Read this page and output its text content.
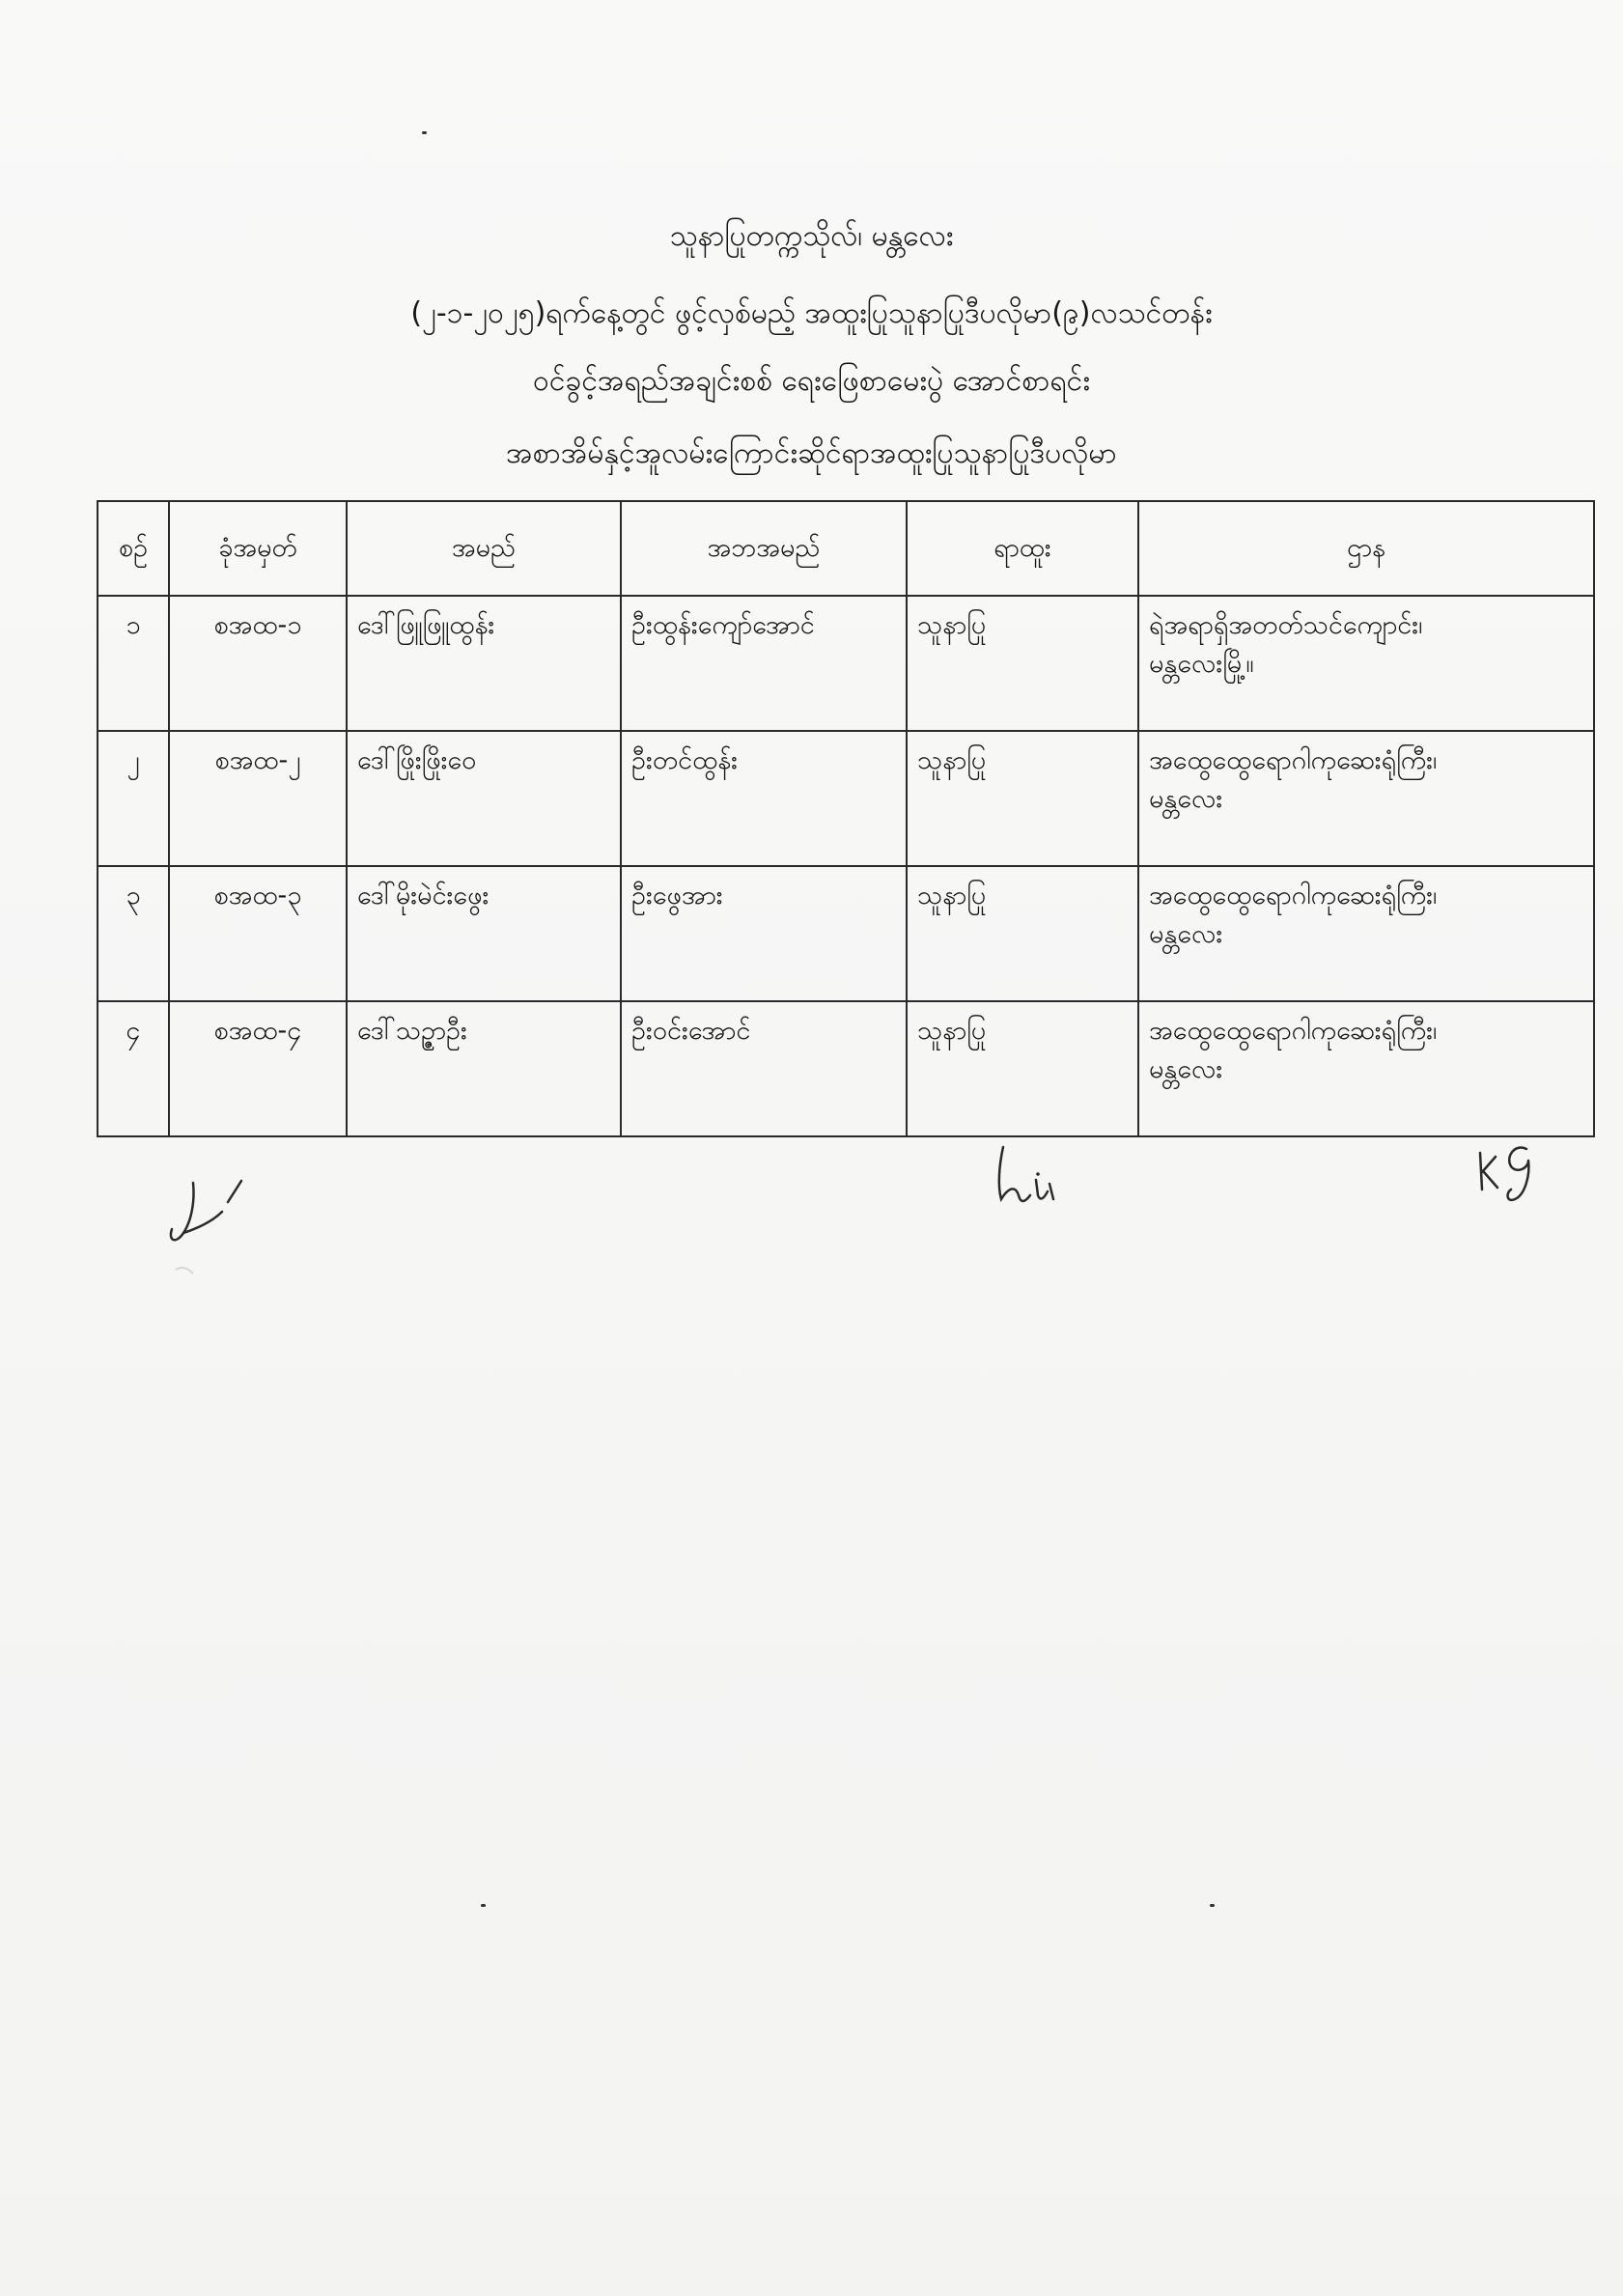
သူနာပြုတက္ကသိုလ်၊ မန္တလေး
(၂-၁-၂၀၂၅)ရက်နေ့တွင် ဖွင့်လှစ်မည့် အထူးပြုသူနာပြုဒီပလိုမာ(၉)လသင်တန်း
ဝင်ခွင့်အရည်အချင်းစစ် ရေးဖြေစာမေးပွဲ အောင်စာရင်း
အစာအိမ်နှင့်အူလမ်းကြောင်းဆိုင်ရာအထူးပြုသူနာပြုဒီပလိုမာ
စဉ်	ခုံအမှတ်	အမည်	အဘအမည်	ရာထူး	ဌာန
၁	စအထ-၁	ဒေါ်ဖြူဖြူထွန်း	ဦးထွန်းကျော်အောင်	သူနာပြု	ရဲအရာရှိအတတ်သင်ကျောင်း၊
မန္တလေးမြို့။

၂	စအထ-၂	ဒေါ်ဖြိုးဖြိုးဝေ	ဦးတင်ထွန်း	သူနာပြု	အထွေထွေရောဂါကုဆေးရုံကြီး၊
မန္တလေး

၃	စအထ-၃	ဒေါ်မိုးမဲင်းဖွေး	ဦးဖွေအား	သူနာပြု	အထွေထွေရောဂါကုဆေးရုံကြီး၊
မန္တလေး

၄	စအထ-၄	ဒေါ်သဥ္ဇာဦး	ဦးဝင်းအောင်	သူနာပြု	အထွေထွေရောဂါကုဆေးရုံကြီး၊
မန္တလေး
